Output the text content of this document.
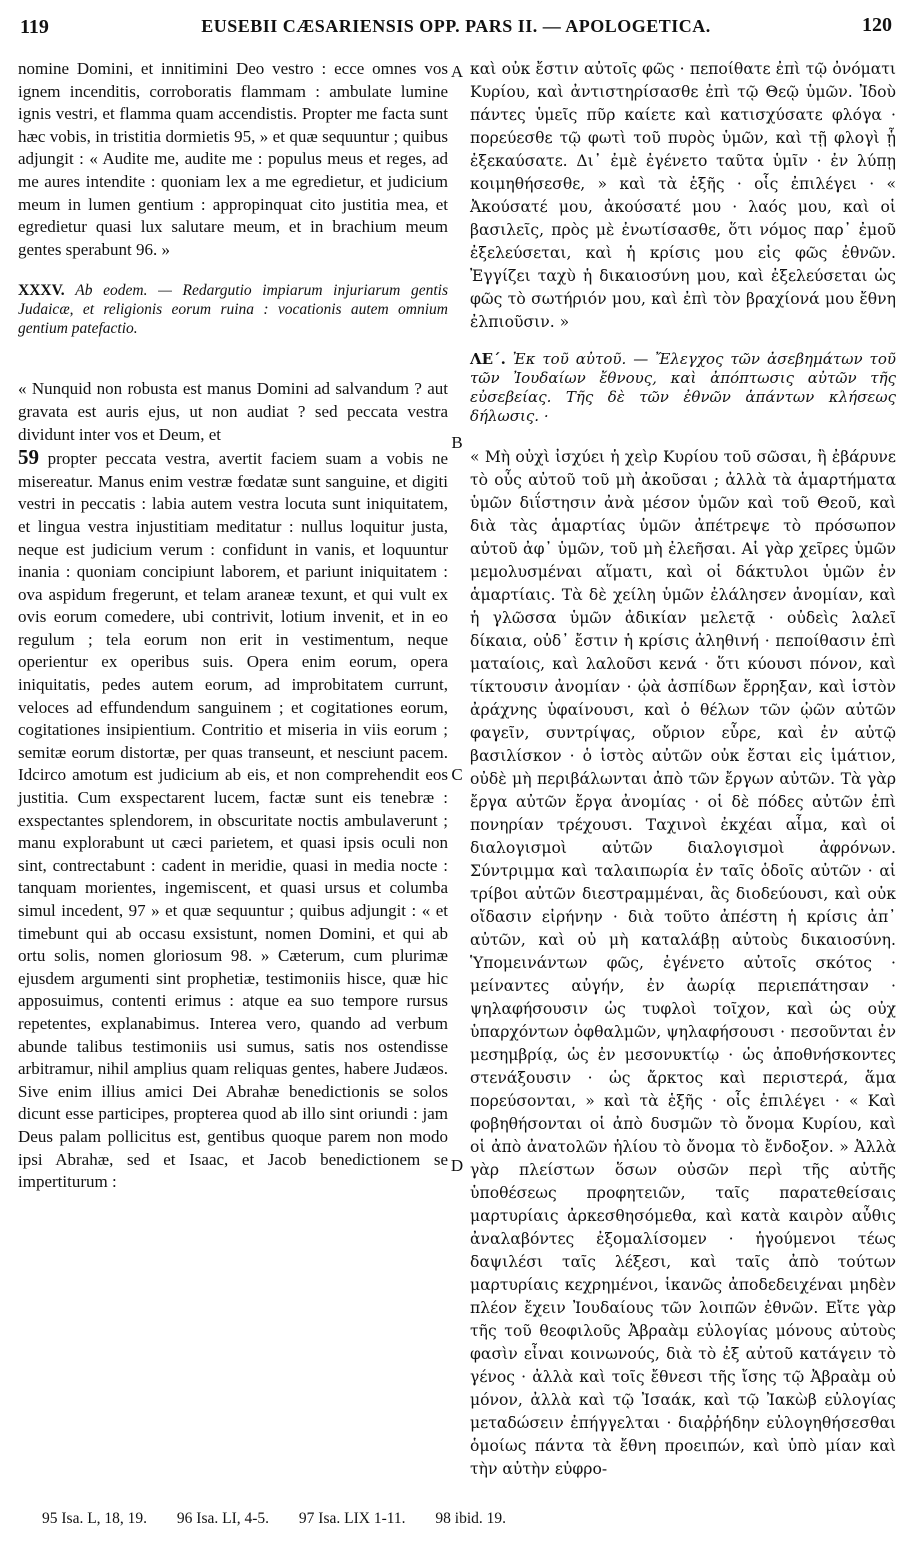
119	EUSEBII CÆSARIENSIS OPP. PARS II. — APOLOGETICA.	120
A
B
C
D

nomine Domini, et innitimini Deo vestro : ecce omnes vos ignem incenditis, corroboratis flammam : ambulate lumine ignis vestri, et flamma quam accendistis. Propter me facta sunt hæc vobis, in tristitia dormietis 95, » et quæ sequuntur ; quibus adjungit : « Audite me, audite me : populus meus et reges, ad me aures intendite : quoniam lex a me egredietur, et judicium meum in lumen gentium : appropinquat cito justitia mea, et egredietur quasi lux salutare meum, et in brachium meum gentes sperabunt 96. »

XXXV. Ab eodem. — Redargutio impiarum injuriarum gentis Judaicæ, et religionis eorum ruina : vocationis autem omnium gentium patefactio.

« Nunquid non robusta est manus Domini ad salvandum ? aut gravata est auris ejus, ut non audiat ? sed peccata vestra dividunt inter vos et Deum, et
59 propter peccata vestra, avertit faciem suam a vobis ne misereatur. Manus enim vestræ fœdatæ sunt sanguine, et digiti vestri in peccatis : labia autem vestra locuta sunt iniquitatem, et lingua vestra injustitiam meditatur : nullus loquitur justa, neque est judicium verum : confidunt in vanis, et loquuntur inania : quoniam concipiunt laborem, et pariunt iniquitatem : ova aspidum fregerunt, et telam araneæ texunt, et qui vult ex ovis eorum comedere, ubi contrivit, lotium invenit, et in eo regulum ; tela eorum non erit in vestimentum, neque operientur ex operibus suis. Opera enim eorum, opera iniquitatis, pedes autem eorum, ad improbitatem currunt, veloces ad effundendum sanguinem ; et cogitationes eorum, cogitationes insipientium. Contritio et miseria in viis eorum ; semitæ eorum distortæ, per quas transeunt, et nesciunt pacem. Idcirco amotum est judicium ab eis, et non comprehendit eos justitia. Cum exspectarent lucem, factæ sunt eis tenebræ : exspectantes splendorem, in obscuritate noctis ambulaverunt ; manu explorabunt ut cæci parietem, et quasi ipsis oculi non sint, contrectabunt : cadent in meridie, quasi in media nocte : tanquam morientes, ingemiscent, et quasi ursus et columba simul incedent, 97 » et quæ sequuntur ; quibus adjungit : « et timebunt qui ab occasu exsistunt, nomen Domini, et qui ab ortu solis, nomen gloriosum 98. » Cæterum, cum plurimæ ejusdem argumenti sint prophetiæ, testimoniis hisce, quæ hic apposuimus, contenti erimus : atque ea suo tempore rursus repetentes, explanabimus. Interea vero, quando ad verbum abunde talibus testimoniis usi sumus, satis nos ostendisse arbitramur, nihil amplius quam reliquas gentes, habere Judæos. Sive enim illius amici Dei Abrahæ benedictionis se solos dicunt esse participes, propterea quod ab illo sint oriundi : jam Deus palam pollicitus est, gentibus quoque parem non modo ipsi Abrahæ, sed et Isaac, et Jacob benedictionem se impertiturum :

καὶ οὐκ ἔστιν αὐτοῖς φῶς · πεποίθατε ἐπὶ τῷ ὀνόματι Κυρίου, καὶ ἀντιστηρίσασθε ἐπὶ τῷ Θεῷ ὑμῶν. Ἰδοὺ πάντες ὑμεῖς πῦρ καίετε καὶ κατισχύσατε φλόγα · πορεύεσθε τῷ φωτὶ τοῦ πυρὸς ὑμῶν, καὶ τῇ φλογὶ ᾗ ἐξεκαύσατε. Δι᾿ ἐμὲ ἐγένετο ταῦτα ὑμῖν · ἐν λύπῃ κοιμηθήσεσθε, » καὶ τὰ ἑξῆς · οἷς ἐπιλέγει · « Ἀκούσατέ μου, ἀκούσατέ μου · λαός μου, καὶ οἱ βασιλεῖς, πρὸς μὲ ἐνωτίσασθε, ὅτι νόμος παρ᾿ ἐμοῦ ἐξελεύσεται, καὶ ἡ κρίσις μου εἰς φῶς ἐθνῶν. Ἐγγίζει ταχὺ ἡ δικαιοσύνη μου, καὶ ἐξελεύσεται ὡς φῶς τὸ σωτήριόν μου, καὶ ἐπὶ τὸν βραχίονά μου ἔθνη ἐλπιοῦσιν. »

ΛΕ΄. Ἐκ τοῦ αὐτοῦ. — Ἔλεγχος τῶν ἀσεβημάτων τοῦ τῶν Ἰουδαίων ἔθνους, καὶ ἀπόπτωσις αὐτῶν τῆς εὐσεβείας. Τῆς δὲ τῶν ἐθνῶν ἁπάντων κλήσεως δήλωσις. ·

« Μὴ οὐχὶ ἰσχύει ἡ χεὶρ Κυρίου τοῦ σῶσαι, ἢ ἐβάρυνε τὸ οὖς αὐτοῦ τοῦ μὴ ἀκοῦσαι ; ἀλλὰ τὰ ἁμαρτήματα ὑμῶν διΐστησιν ἀνὰ μέσον ὑμῶν καὶ τοῦ Θεοῦ, καὶ διὰ τὰς ἁμαρτίας ὑμῶν ἀπέτρεψε τὸ πρόσωπον αὐτοῦ ἀφ᾿ ὑμῶν, τοῦ μὴ ἐλεῆσαι. Αἱ γὰρ χεῖρες ὑμῶν μεμολυσμέναι αἵματι, καὶ οἱ δάκτυλοι ὑμῶν ἐν ἁμαρτίαις. Τὰ δὲ χείλη ὑμῶν ἐλάλησεν ἀνομίαν, καὶ ἡ γλῶσσα ὑμῶν ἀδικίαν μελετᾷ · οὐδεὶς λαλεῖ δίκαια, οὐδ᾿ ἔστιν ἡ κρίσις ἀληθινή · πεποίθασιν ἐπὶ ματαίοις, καὶ λαλοῦσι κενά · ὅτι κύουσι πόνον, καὶ τίκτουσιν ἀνομίαν · ᾠὰ ἀσπίδων ἔρρηξαν, καὶ ἱστὸν ἀράχνης ὑφαίνουσι, καὶ ὁ θέλων τῶν ᾠῶν αὐτῶν φαγεῖν, συντρίψας, οὔριον εὗρε, καὶ ἐν αὐτῷ βασιλίσκον · ὁ ἱστὸς αὐτῶν οὐκ ἔσται εἰς ἱμάτιον, οὐδὲ μὴ περιβάλωνται ἀπὸ τῶν ἔργων αὐτῶν. Τὰ γὰρ ἔργα αὐτῶν ἔργα ἀνομίας · οἱ δὲ πόδες αὐτῶν ἐπὶ πονηρίαν τρέχουσι. Ταχινοὶ ἐκχέαι αἷμα, καὶ οἱ διαλογισμοὶ αὐτῶν διαλογισμοὶ ἀφρόνων. Σύντριμμα καὶ ταλαιπωρία ἐν ταῖς ὁδοῖς αὐτῶν · αἱ τρίβοι αὐτῶν διεστραμμέναι, ἃς διοδεύουσι, καὶ οὐκ οἴδασιν εἰρήνην · διὰ τοῦτο ἀπέστη ἡ κρίσις ἀπ᾿ αὐτῶν, καὶ οὐ μὴ καταλάβῃ αὐτοὺς δικαιοσύνη. Ὑπομεινάντων φῶς, ἐγένετο αὐτοῖς σκότος · μείναντες αὐγήν, ἐν ἀωρίᾳ περιεπάτησαν · ψηλαφήσουσιν ὡς τυφλοὶ τοῖχον, καὶ ὡς οὐχ ὑπαρχόντων ὀφθαλμῶν, ψηλαφήσουσι · πεσοῦνται ἐν μεσημβρίᾳ, ὡς ἐν μεσονυκτίῳ · ὡς ἀποθνήσκοντες στενάξουσιν · ὡς ἄρκτος καὶ περιστερά, ἅμα πορεύσονται, » καὶ τὰ ἑξῆς · οἷς ἐπιλέγει · « Καὶ φοβηθήσονται οἱ ἀπὸ δυσμῶν τὸ ὄνομα Κυρίου, καὶ οἱ ἀπὸ ἀνατολῶν ἡλίου τὸ ὄνομα τὸ ἔνδοξον. » Ἀλλὰ γὰρ πλείστων ὅσων οὐσῶν περὶ τῆς αὐτῆς ὑποθέσεως προφητειῶν, ταῖς παρατεθείσαις μαρτυρίαις ἀρκεσθησόμεθα, καὶ κατὰ καιρὸν αὖθις ἀναλαβόντες ἐξομαλίσομεν · ἡγούμενοι τέως δαψιλέσι ταῖς λέξεσι, καὶ ταῖς ἀπὸ τούτων μαρτυρίαις κεχρημένοι, ἱκανῶς ἀποδεδειχέναι μηδὲν πλέον ἔχειν Ἰουδαίους τῶν λοιπῶν ἐθνῶν. Εἴτε γὰρ τῆς τοῦ θεοφιλοῦς Ἀβραὰμ εὐλογίας μόνους αὐτοὺς φασὶν εἶναι κοινωνούς, διὰ τὸ ἐξ αὐτοῦ κατάγειν τὸ γένος · ἀλλὰ καὶ τοῖς ἔθνεσι τῆς ἴσης τῷ Ἀβραὰμ οὐ μόνον, ἀλλὰ καὶ τῷ Ἰσαάκ, καὶ τῷ Ἰακὼβ εὐλογίας μεταδώσειν ἐπήγγελται · διαῤῥήδην εὐλογηθήσεσθαι ὁμοίως πάντα τὰ ἔθνη προειπών, καὶ ὑπὸ μίαν καὶ τὴν αὐτὴν εὐφρο-

95 Isa. L, 18, 19. 96 Isa. LI, 4-5. 97 Isa. LIX 1-11. 98 ibid. 19.
